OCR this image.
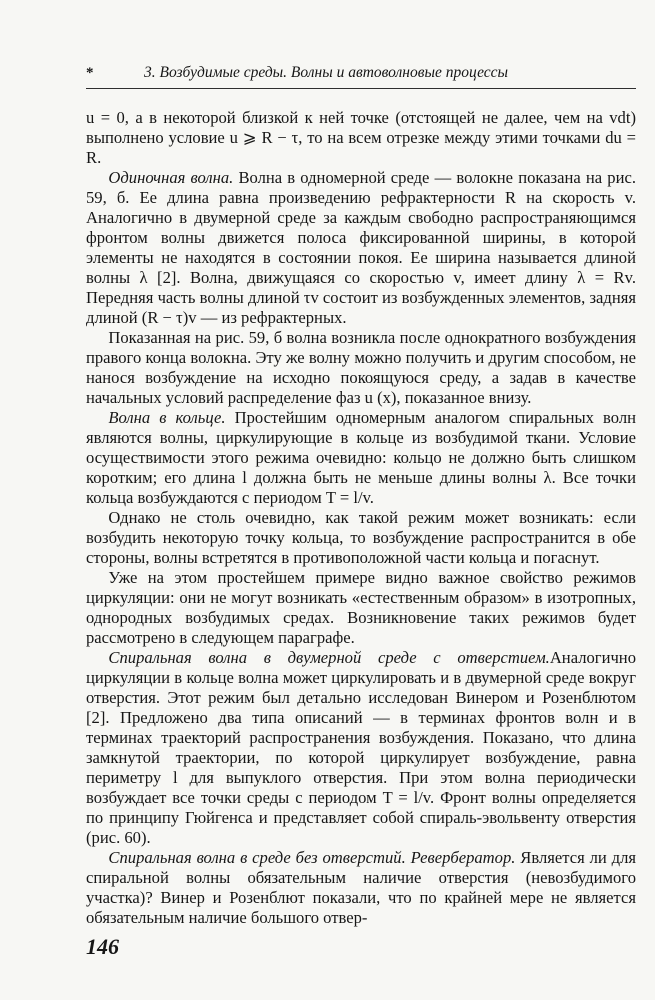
*	3. Возбудимые среды. Волны и автоволновые процессы

u = 0, а в некоторой близкой к ней точке (отстоящей не далее, чем на vdt) выполнено условие u ⩾ R − τ, то на всем отрезке между этими точками du = R.

Одиночная волна. Волна в одномерной среде — волокне показана на рис. 59, б. Ее длина равна произведению рефрактерности R на скорость v. Аналогично в двумерной среде за каждым свободно распространяющимся фронтом волны движется полоса фиксированной ширины, в которой элементы не находятся в состоянии покоя. Ее ширина называется длиной волны λ [2]. Волна, движущаяся со скоростью v, имеет длину λ = Rv. Передняя часть волны длиной τv состоит из возбужденных элементов, задняя длиной (R − τ)v — из рефрактерных.

Показанная на рис. 59, б волна возникла после однократного возбуждения правого конца волокна. Эту же волну можно получить и другим способом, не нанося возбуждение на исходно покоящуюся среду, а задав в качестве начальных условий распределение фаз u (x), показанное внизу.

Волна в кольце. Простейшим одномерным аналогом спиральных волн являются волны, циркулирующие в кольце из возбудимой ткани. Условие осуществимости этого режима очевидно: кольцо не должно быть слишком коротким; его длина l должна быть не меньше длины волны λ. Все точки кольца возбуждаются с периодом T = l/v.

Однако не столь очевидно, как такой режим может возникать: если возбудить некоторую точку кольца, то возбуждение распространится в обе стороны, волны встретятся в противоположной части кольца и погаснут.

Уже на этом простейшем примере видно важное свойство режимов циркуляции: они не могут возникать «естественным образом» в изотропных, однородных возбудимых средах. Возникновение таких режимов будет рассмотрено в следующем параграфе.

Спиральная волна в двумерной среде с отверстием.Аналогично циркуляции в кольце волна может циркулировать и в двумерной среде вокруг отверстия. Этот режим был детально исследован Винером и Розенблютом [2]. Предложено два типа описаний — в терминах фронтов волн и в терминах траекторий распространения возбуждения. Показано, что длина замкнутой траектории, по которой циркулирует возбуждение, равна периметру l для выпуклого отверстия. При этом волна периодически возбуждает все точки среды с периодом T = l/v. Фронт волны определяется по принципу Гюйгенса и представляет собой спираль-эвольвенту отверстия (рис. 60).

Спиральная волна в среде без отверстий. Ревербератор. Является ли для спиральной волны обязательным наличие отверстия (невозбудимого участка)? Винер и Розенблют показали, что по крайней мере не является обязательным наличие большого отвер-

146
